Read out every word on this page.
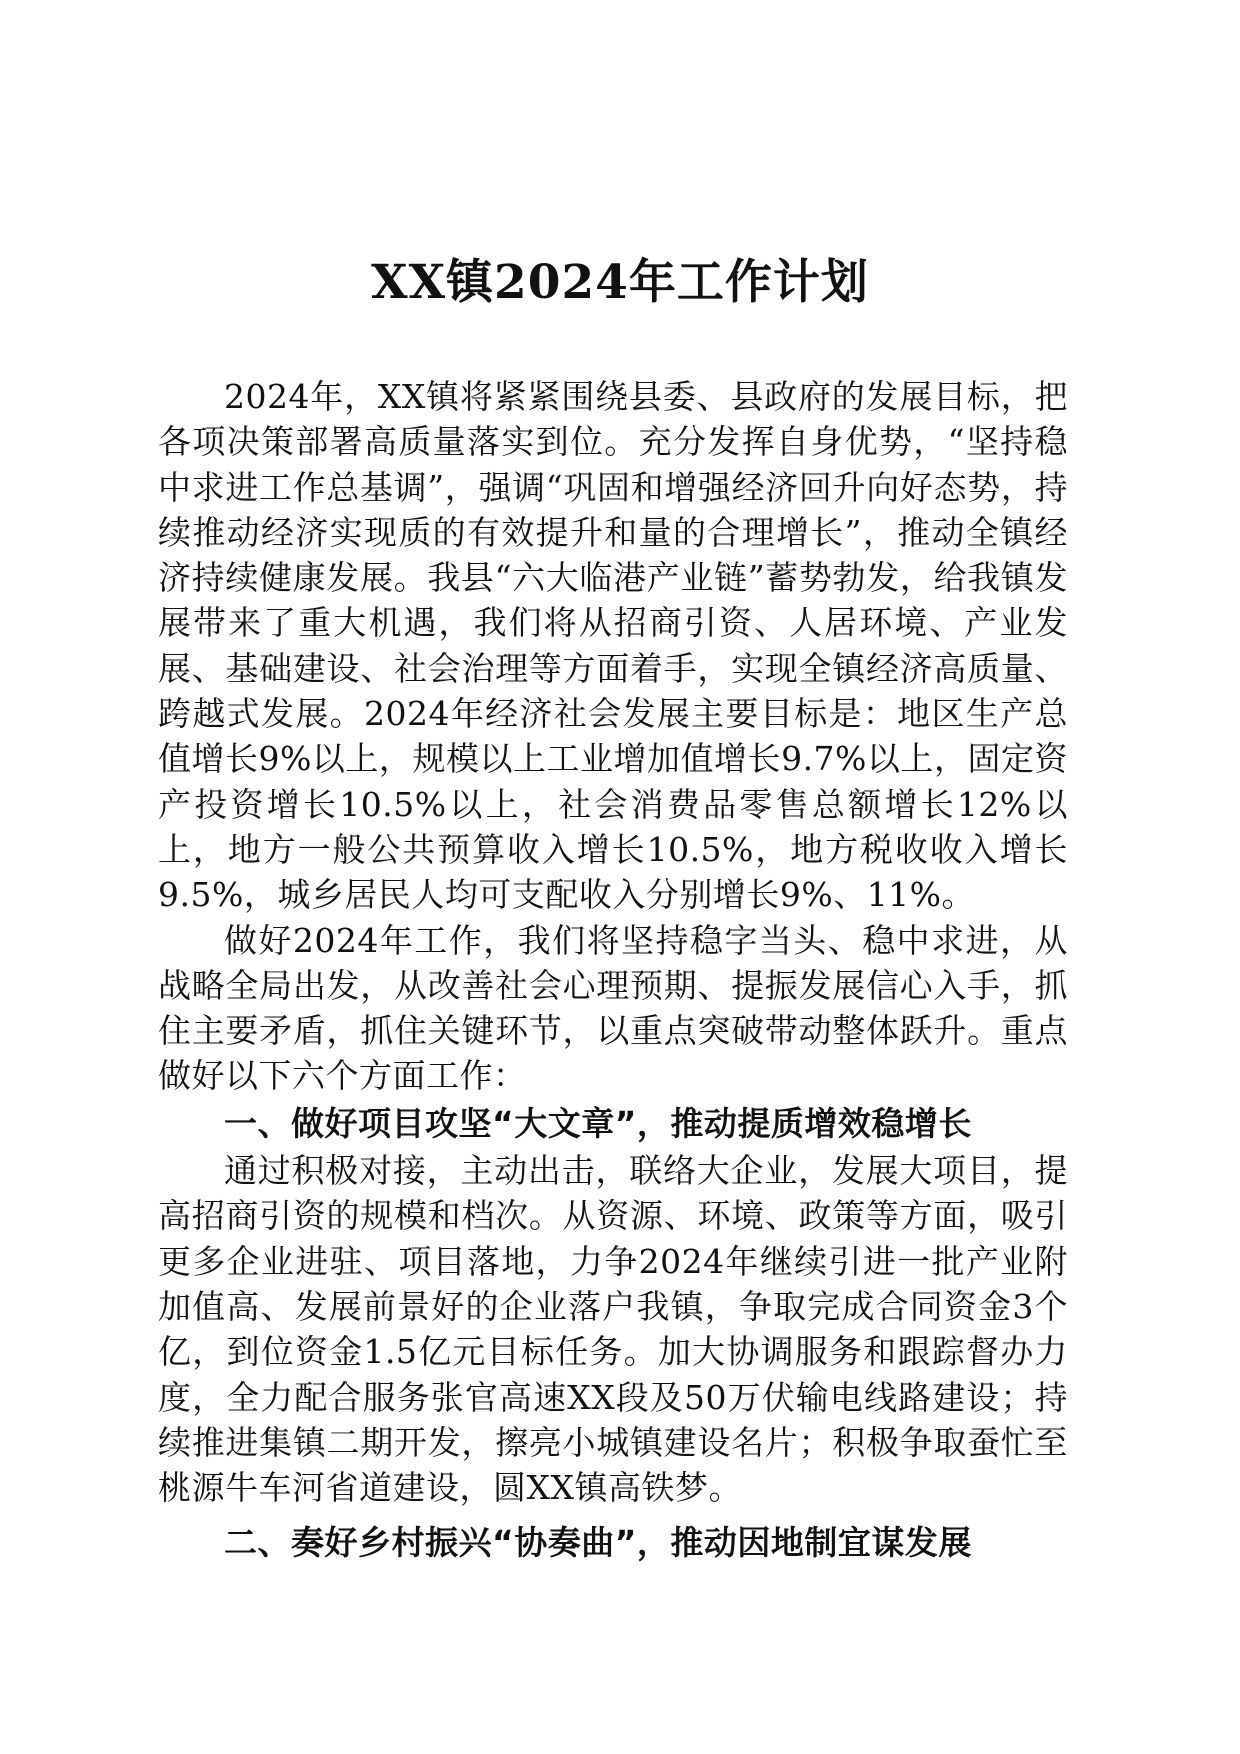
XX镇2024年工作计划

2024年，XX镇将紧紧围绕县委、县政府的发展目标，把各项决策部署高质量落实到位。充分发挥自身优势，“坚持稳中求进工作总基调”，强调“巩固和增强经济回升向好态势，持续推动经济实现质的有效提升和量的合理增长”，推动全镇经济持续健康发展。我县“六大临港产业链”蓄势勃发，给我镇发展带来了重大机遇，我们将从招商引资、人居环境、产业发展、基础建设、社会治理等方面着手，实现全镇经济高质量、跨越式发展。2024年经济社会发展主要目标是：地区生产总值增长9%以上，规模以上工业增加值增长9.7%以上，固定资产投资增长10.5%以上，社会消费品零售总额增长12%以上，地方一般公共预算收入增长10.5%，地方税收收入增长9.5%，城乡居民人均可支配收入分别增长9%、11%。

做好2024年工作，我们将坚持稳字当头、稳中求进，从战略全局出发，从改善社会心理预期、提振发展信心入手，抓住主要矛盾，抓住关键环节，以重点突破带动整体跃升。重点做好以下六个方面工作：

一、做好项目攻坚“大文章”，推动提质增效稳增长

通过积极对接，主动出击，联络大企业，发展大项目，提高招商引资的规模和档次。从资源、环境、政策等方面，吸引更多企业进驻、项目落地，力争2024年继续引进一批产业附加值高、发展前景好的企业落户我镇，争取完成合同资金3个亿，到位资金1.5亿元目标任务。加大协调服务和跟踪督办力度，全力配合服务张官高速XX段及50万伏输电线路建设；持续推进集镇二期开发，擦亮小城镇建设名片；积极争取蚕忙至桃源牛车河省道建设，圆XX镇高铁梦。

二、奏好乡村振兴“协奏曲”，推动因地制宜谋发展
